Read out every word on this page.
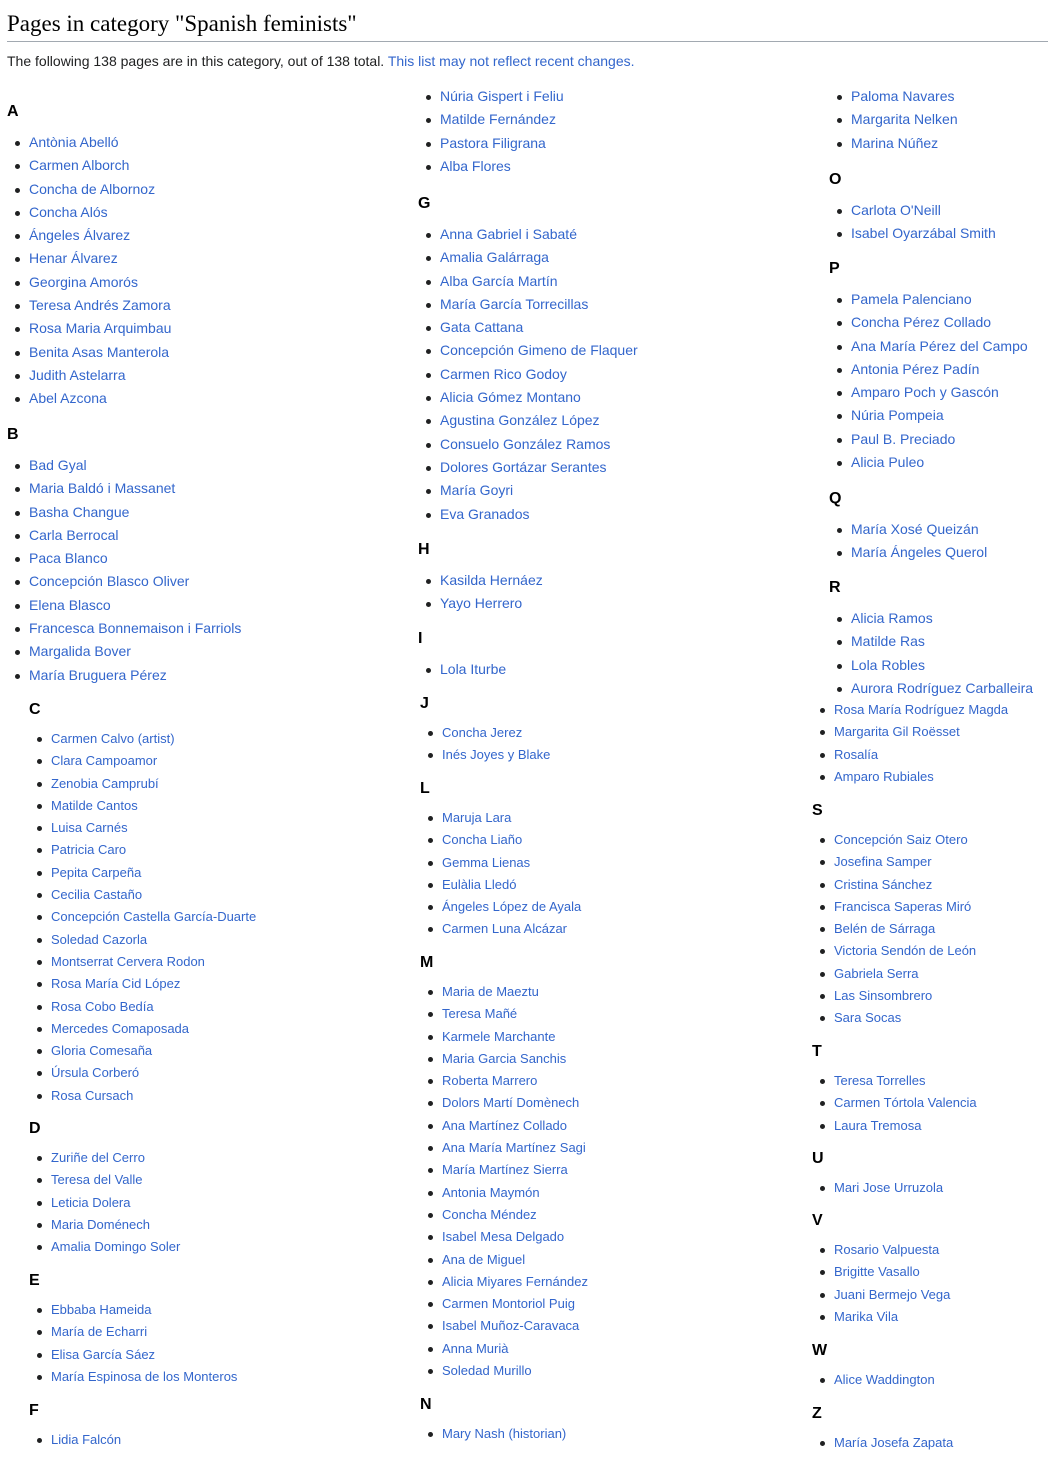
Pages in category "Spanish feminists"
The following 138 pages are in this category, out of 138 total. This list may not reflect recent changes.
A
Antònia Abelló
Carmen Alborch
Concha de Albornoz
Concha Alós
Ángeles Álvarez
Henar Álvarez
Georgina Amorós
Teresa Andrés Zamora
Rosa Maria Arquimbau
Benita Asas Manterola
Judith Astelarra
Abel Azcona
B
Bad Gyal
Maria Baldó i Massanet
Basha Changue
Carla Berrocal
Paca Blanco
Concepción Blasco Oliver
Elena Blasco
Francesca Bonnemaison i Farriols
Margalida Bover
María Bruguera Pérez
C
Carmen Calvo (artist)
Clara Campoamor
Zenobia Camprubí
Matilde Cantos
Luisa Carnés
Patricia Caro
Pepita Carpeña
Cecilia Castaño
Concepción Castella García-Duarte
Soledad Cazorla
Montserrat Cervera Rodon
Rosa María Cid López
Rosa Cobo Bedía
Mercedes Comaposada
Gloria Comesaña
Úrsula Corberó
Rosa Cursach
D
Zuriñe del Cerro
Teresa del Valle
Leticia Dolera
Maria Doménech
Amalia Domingo Soler
E
Ebbaba Hameida
María de Echarri
Elisa García Sáez
María Espinosa de los Monteros
F
Lidia Falcón
Núria Gispert i Feliu
Matilde Fernández
Pastora Filigrana
Alba Flores
G
Anna Gabriel i Sabaté
Amalia Galárraga
Alba García Martín
María García Torrecillas
Gata Cattana
Concepción Gimeno de Flaquer
Carmen Rico Godoy
Alicia Gómez Montano
Agustina González López
Consuelo González Ramos
Dolores Gortázar Serantes
María Goyri
Eva Granados
H
Kasilda Hernáez
Yayo Herrero
I
Lola Iturbe
J
Concha Jerez
Inés Joyes y Blake
L
Maruja Lara
Concha Liaño
Gemma Lienas
Eulàlia Lledó
Ángeles López de Ayala
Carmen Luna Alcázar
M
Maria de Maeztu
Teresa Mañé
Karmele Marchante
Maria Garcia Sanchis
Roberta Marrero
Dolors Martí Domènech
Ana Martínez Collado
Ana María Martínez Sagi
María Martínez Sierra
Antonia Maymón
Concha Méndez
Isabel Mesa Delgado
Ana de Miguel
Alicia Miyares Fernández
Carmen Montoriol Puig
Isabel Muñoz-Caravaca
Anna Murià
Soledad Murillo
N
Mary Nash (historian)
Paloma Navares
Margarita Nelken
Marina Núñez
O
Carlota O'Neill
Isabel Oyarzábal Smith
P
Pamela Palenciano
Concha Pérez Collado
Ana María Pérez del Campo
Antonia Pérez Padín
Amparo Poch y Gascón
Núria Pompeia
Paul B. Preciado
Alicia Puleo
Q
María Xosé Queizán
María Ángeles Querol
R
Alicia Ramos
Matilde Ras
Lola Robles
Aurora Rodríguez Carballeira
Rosa María Rodríguez Magda
Margarita Gil Roësset
Rosalía
Amparo Rubiales
S
Concepción Saiz Otero
Josefina Samper
Cristina Sánchez
Francisca Saperas Miró
Belén de Sárraga
Victoria Sendón de León
Gabriela Serra
Las Sinsombrero
Sara Socas
T
Teresa Torrelles
Carmen Tórtola Valencia
Laura Tremosa
U
Mari Jose Urruzola
V
Rosario Valpuesta
Brigitte Vasallo
Juani Bermejo Vega
Marika Vila
W
Alice Waddington
Z
María Josefa Zapata
